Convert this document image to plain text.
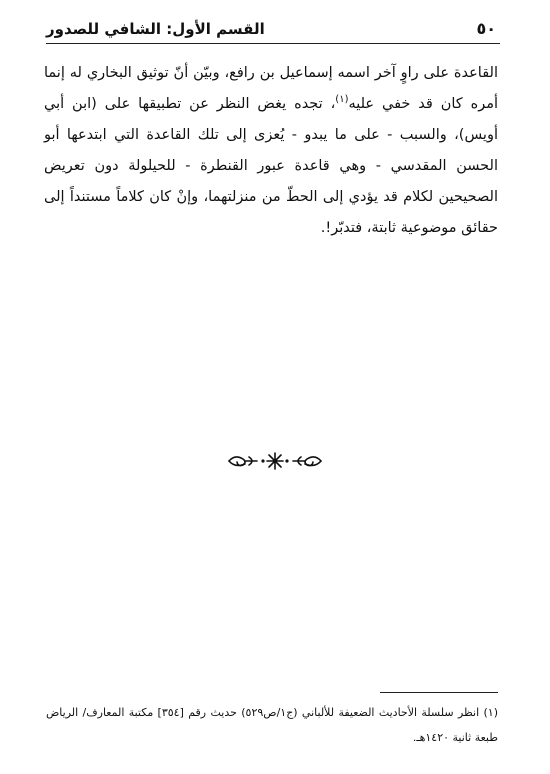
٥٠
القسم الأول: الشافي للصدور

القاعدة على راوٍ آخر اسمه إسماعيل بن رافع، وبيّن أنّ توثيق البخاري له إنما أمره كان قد خفي عليه$^{(١)}$، تجده يغض النظر عن تطبيقها على (ابن أبي أويس)، والسبب - على ما يبدو - يُعزى إلى تلك القاعدة التي ابتدعها أبو الحسن المقدسي - وهي قاعدة عبور القنطرة - للحيلولة دون تعريض الصحيحين لكلام قد يؤدي إلى الحطّ من منزلتهما، وإنْ كان كلاماً مستنداً إلى حقائق موضوعية ثابتة، فتدبّر!.

(١) انظر سلسلة الأحاديث الضعيفة للألباني (ج١/ص٥٢٩) حديث رقم [٣٥٤] مكتبة المعارف/ الرياض طبعة ثانية ١٤٢٠هـ.
